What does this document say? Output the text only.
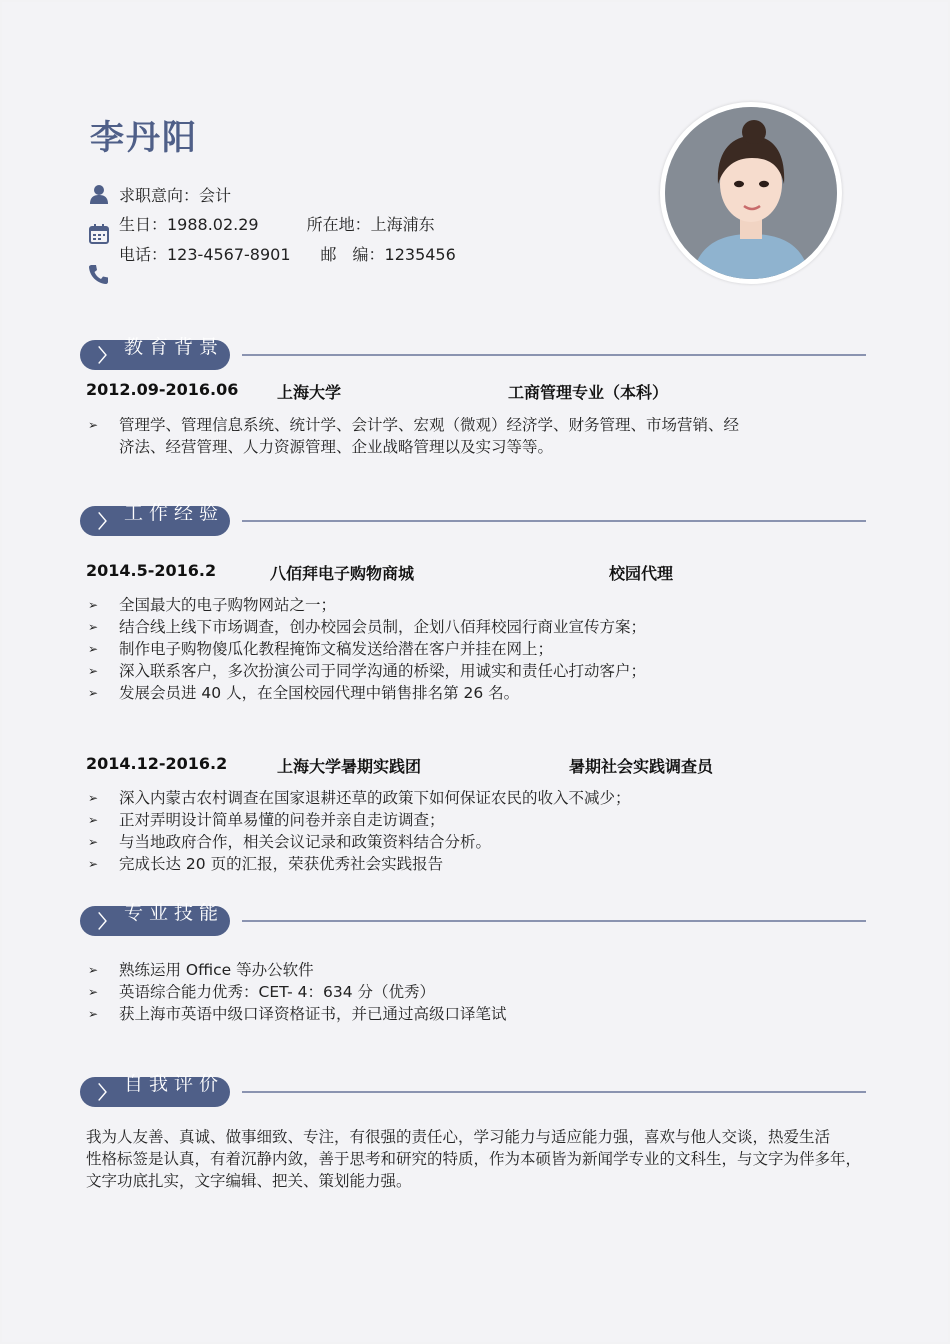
李丹阳
求职意向：会计
生日：1988.02.29	所在地：上海浦东
电话：123-4567-8901 邮　编：1235456
〉 教育背景
2012.09-2016.06 上海大学	工商管理专业（本科）
➢ 管理学、管理信息系统、统计学、会计学、宏观（微观）经济学、财务管理、市场营销、经
济法、经营管理、人力资源管理、企业战略管理以及实习等等。
〉 工作经验
2014.5-2016.2	八佰拜电子购物商城	校园代理
➢ 全国最大的电子购物网站之一；
➢ 结合线上线下市场调查，创办校园会员制，企划八佰拜校园行商业宣传方案；
➢ 制作电子购物傻瓜化教程掩饰文稿发送给潜在客户并挂在网上；
➢ 深入联系客户，多次扮演公司于同学沟通的桥梁，用诚实和责任心打动客户；
➢ 发展会员进 40 人，在全国校园代理中销售排名第 26 名。
2014.12-2016.2	上海大学暑期实践团	暑期社会实践调查员
➢ 深入内蒙古农村调查在国家退耕还草的政策下如何保证农民的收入不减少；
➢ 正对弄明设计简单易懂的问卷并亲自走访调查；
➢ 与当地政府合作，相关会议记录和政策资料结合分析。
➢ 完成长达 20 页的汇报，荣获优秀社会实践报告
〉 专业技能
➢ 熟练运用 Office 等办公软件
➢ 英语综合能力优秀：CET- 4：634 分（优秀）
➢ 获上海市英语中级口译资格证书，并已通过高级口译笔试
〉 自我评价
我为人友善、真诚、做事细致、专注，有很强的责任心，学习能力与适应能力强，喜欢与他人交谈，热爱生活
性格标签是认真，有着沉静内敛，善于思考和研究的特质，作为本硕皆为新闻学专业的文科生，与文字为伴多年，
文字功底扎实，文字编辑、把关、策划能力强。
